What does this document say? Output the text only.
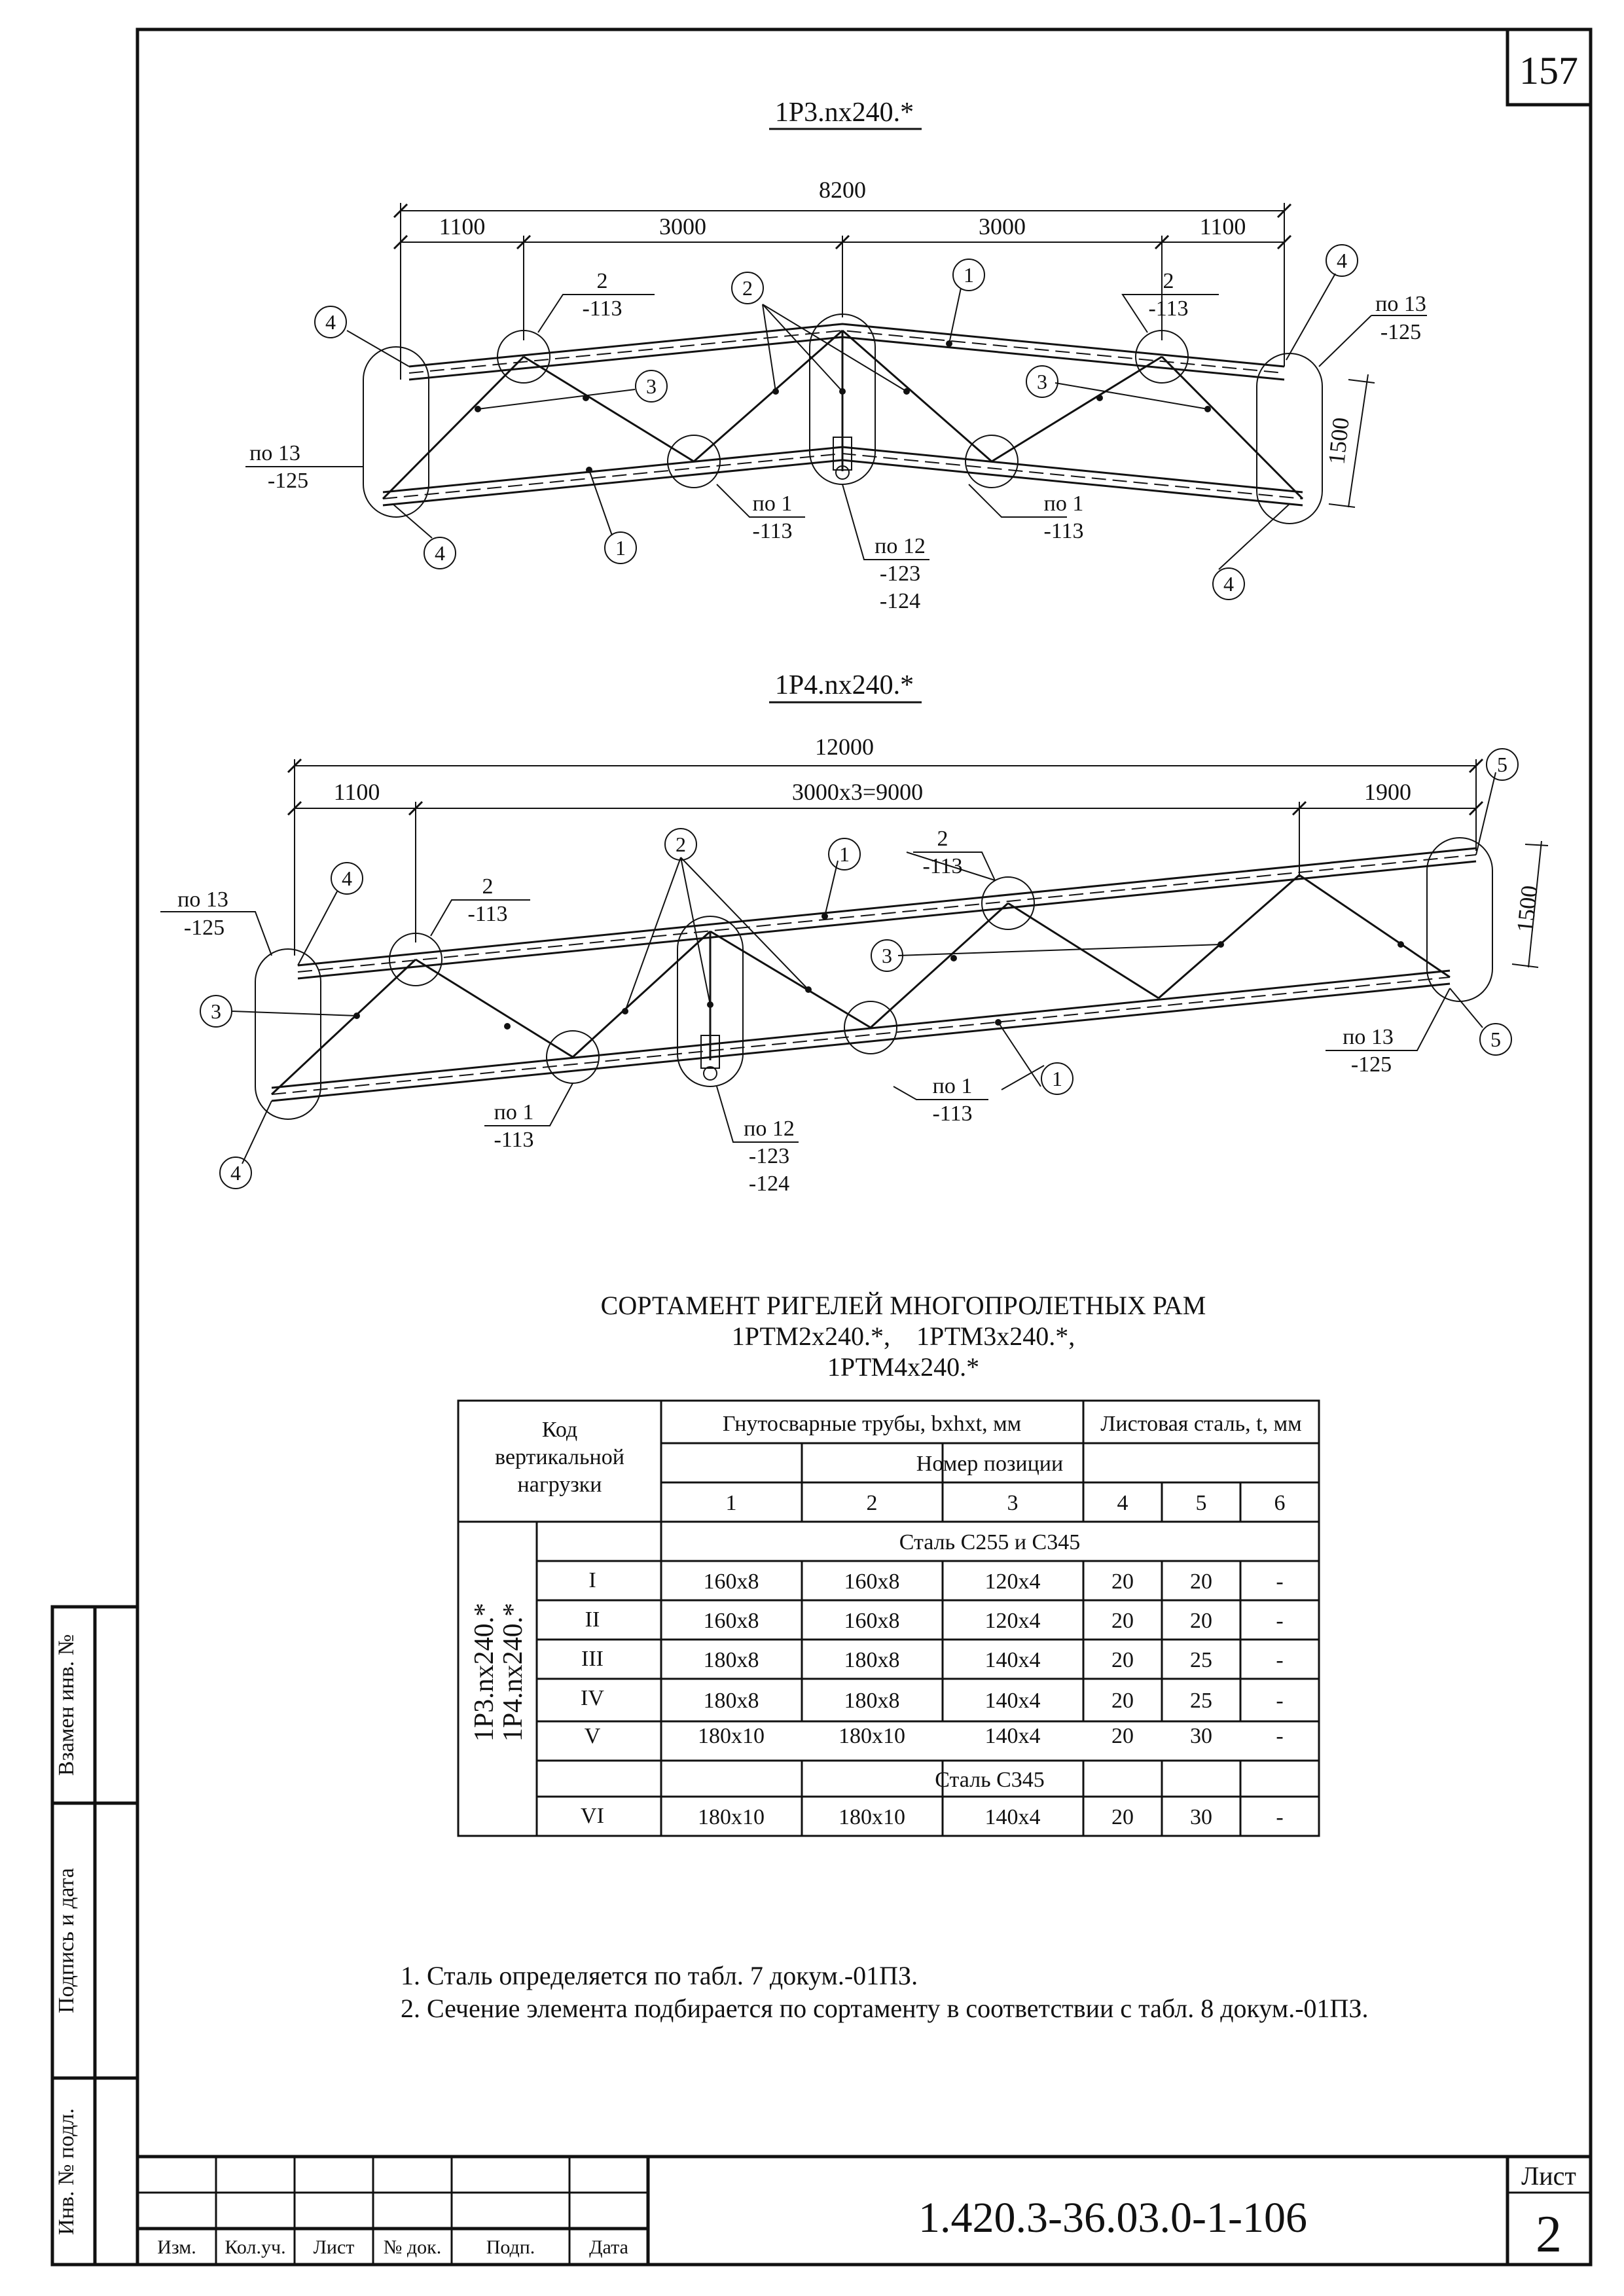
157
Взамен инв. №
Подпись и дата
Инв. № подл.
Изм. Кол.уч. Лист № док. Подп.	Дата
1.420.3-36.03.0-1-106
Лист
2
1Р3.nх240.*
8200
1100	3000	3000	1100
2
-113
2
-113	по 13
-125
по 13
-125
по 1
-113
по 1
-113
по 12
-123
-124
1500
4
2
1
4
3	3
4	1
4
1Р4.nх240.*
12000
1100	3000х3=9000	1900
по 13
-125
2
-113
2
-113
по 13
-125
по 1
-113
по 1
-113
по 12
-123
-124
1500
4
2	1
5
3
3
5
1
4
СОРТАМЕНТ РИГЕЛЕЙ МНОГОПРОЛЕТНЫХ РАМ
1РТМ2х240.*,    1РТМ3х240.*,
1РТМ4х240.*
Код
вертикальной
нагрузки
Гнутосварные трубы, bхhхt, мм	Листовая сталь, t, мм
Номер позиции
1	2	3	4	5	6
1Р3.nх240.*
1Р4.nх240.*
Сталь С255 и С345
Сталь С345
I	160х8	160х8	120х4	20	20	-
II	160х8	160х8	120х4	20	20	-
III	180х8	180х8	140х4	20	25	-
IV	180х8	180х8	140х4	20	25	-
V	180х10	180х10	140х4	20	30	-
VI	180х10	180х10	140х4	20	30	-
1. Сталь определяется по табл. 7 докум.-01ПЗ.
2. Сечение элемента подбирается по сортаменту в соответствии с табл. 8 докум.-01ПЗ.
